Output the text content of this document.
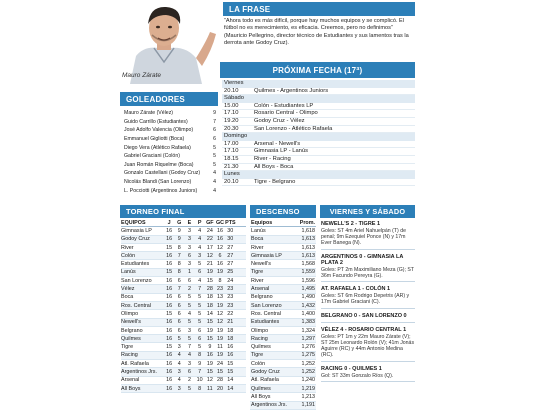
Mauro Zárate
GOLEADORES
Mauro Zárate (Vélez)	9
Guido Carrillo (Estudiantes)	7
José Adolfo Valencia (Olimpo)	6
Emmanuel Gigliotti (Boca)	6
Diego Vera (Atlético Rafaela)	5
Gabriel Graciani (Colón)	5
Juan Román Riquelme (Boca)	5
Gonzalo Castellani (Godoy Cruz)	4
Nicolás Blandi (San Lorenzo)	4
L. Pocciotti (Argentinos Juniors)	4
LA FRASE
“Ahora todo es más difícil, porque hay muchos equipos y se complicó. El fútbol no es merecimiento, es eficacia. Creemos, pero no definimos” (Mauricio Pellegrino, director técnico de Estudiantes y sus lamentos tras la derrota ante Godoy Cruz).
PRÓXIMA FECHA (17ª)
Viernes
20.10	Quilmes - Argentinos Juniors
Sábado
15.00	Colón - Estudiantes LP
17.10	Rosario Central - Olimpo
19.20	Godoy Cruz - Vélez
20.30	San Lorenzo - Atlético Rafaela
Domingo
17.00	Arsenal - Newell's
17.10	Gimnasia LP - Lanús
18.15	River - Racing
21.30	All Boys - Boca
Lunes
20.10	Tigre - Belgrano
TORNEO FINAL
EQUIPOS	J	G	E	P GF GC PTS
Gimnasia LP	16	9	3	4	24 16 30
Godoy Cruz	16	9	3	4	22 16 30
River	15	8	3	4	17 12 27
Colón	16	7	6	3	12	6	27
Estudiantes	16	8	3	5	21 16 27
Lanús	15	8	1	6	19 19 25
San Lorenzo	16	6	6	4	15	8	24
Vélez	16	7	2	7	28 23 23
Boca	16	6	5	5	18 13 23
Ros. Central	16	6	5	5	18 19 23
Olimpo	15	6	4	5	14 12 22
Newell's	16	6	5	5	15 12 21
Belgrano	16	6	3	6	19 19 18
Quilmes	16	5	5	6	15 19 18
Tigre	15	3	7	5	9	11 16
Racing	16	4	4	8	16 19 16
Atl. Rafaela	16	4	3	9	19 24 15
Argentinos Jrs.	16	3	6	7	15 15 15
Arsenal	16	4	2	10 12 28 14
All Boys	16	3	5	8	11 20 14
DESCENSO
Equipos	Prom.
Lanús	1,618
Boca	1,613
River	1,613
Gimnasia LP	1,613
Newell's	1,568
Tigre	1,559
River	1,596
Arsenal	1,495
Belgrano	1,490
San Lorenzo	1,432
Ros. Central	1,400
Estudiantes	1,383
Olimpo	1,324
Racing	1,297
Quilmes	1,276
Tigre	1,275
Colón	1,252
Godoy Cruz	1,252
Atl. Rafaela	1,240
Quilmes	1,219
All Boys	1,213
Argentinos Jrs.	1,191
VIERNES Y SÁBADO
NEWELL'S 2 - TIGRE 1
Goles: ST 4m Ariel Nahuelpán (T) de penal; 9m Ezequiel Ponce (N) y 17m Ever Banega (N).
ARGENTINOS 0 - GIMNASIA LA PLATA 2
Goles: PT 2m Maximiliano Meza (G); ST 36m Facundo Pereyra (G).
AT. RAFAELA 1 - COLÓN 1
Goles: ST 6m Rodrigo Depetris (AR) y 17m Gabriel Graciani (C).
BELGRANO 0 - SAN LORENZO 0
VÉLEZ 4 - ROSARIO CENTRAL 1
Goles: PT 1m y 22m Mauro Zárate (V); ST 25m Leonardo Rolón (V); 41m Jonás Aguirre (RC) y 44m Antonio Medina (RC).
RACING 0 - QUILMES 1
Gol: ST 33m Gonzalo Ríos (Q).
